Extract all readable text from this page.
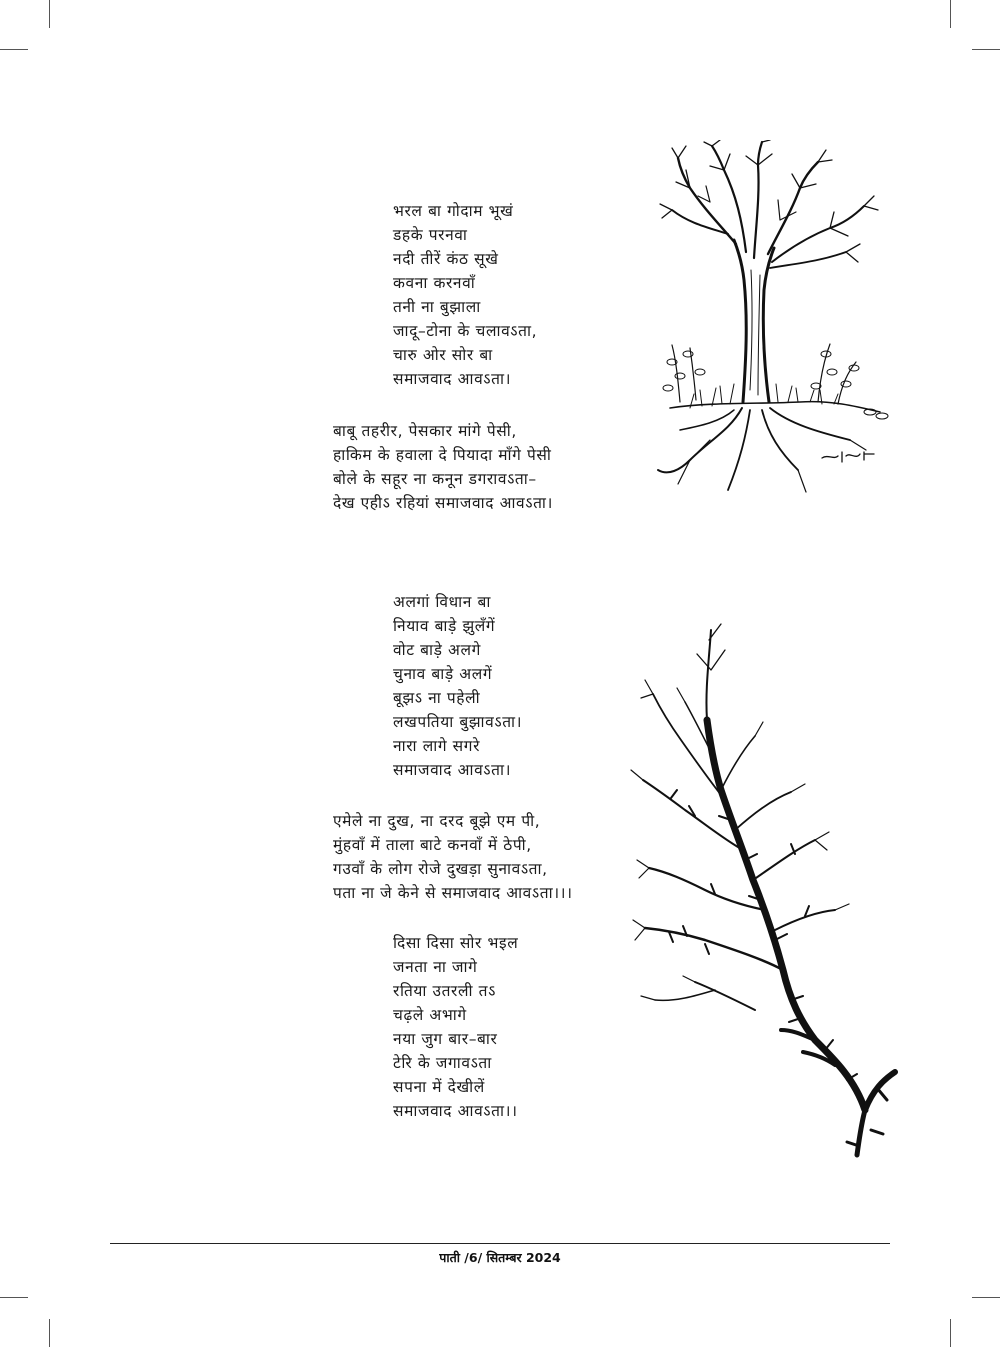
भरल बा गोदाम भूखं
डहके परनवा
नदी तीरें कंठ सूखे
कवना करनवाँ
तनी ना बुझाला
जादू–टोना के चलावऽता,
चारु ओर सोर बा
समाजवाद आवऽता।
बाबू तहरीर, पेसकार मांगे पेसी,
हाकिम के हवाला दे पियादा माँगे पेसी
बोले के सहूर ना कनून डगरावऽता–
देख एहीऽ रहियां समाजवाद आवऽता।
अलगां विधान बा
नियाव बाड़े झुलँगें
वोट बाड़े अलगे
चुनाव बाड़े अलगें
बूझऽ ना पहेली
लखपतिया बुझावऽता।
नारा लागे सगरे
समाजवाद आवऽता।
एमेले ना दुख, ना दरद बूझे एम पी,
मुंहवाँ में ताला बाटे कनवाँ में ठेपी,
गउवाँ के लोग रोजे दुखड़ा सुनावऽता,
पता ना जे केने से समाजवाद आवऽता।।।
दिसा दिसा सोर भइल
जनता ना जागे
रतिया उतरली तऽ
चढ़ले अभागे
नया जुग बार–बार
टेरि के जगावऽता
सपना में देखीलें
समाजवाद आवऽता।।
पाती /6/ सितम्बर 2024
